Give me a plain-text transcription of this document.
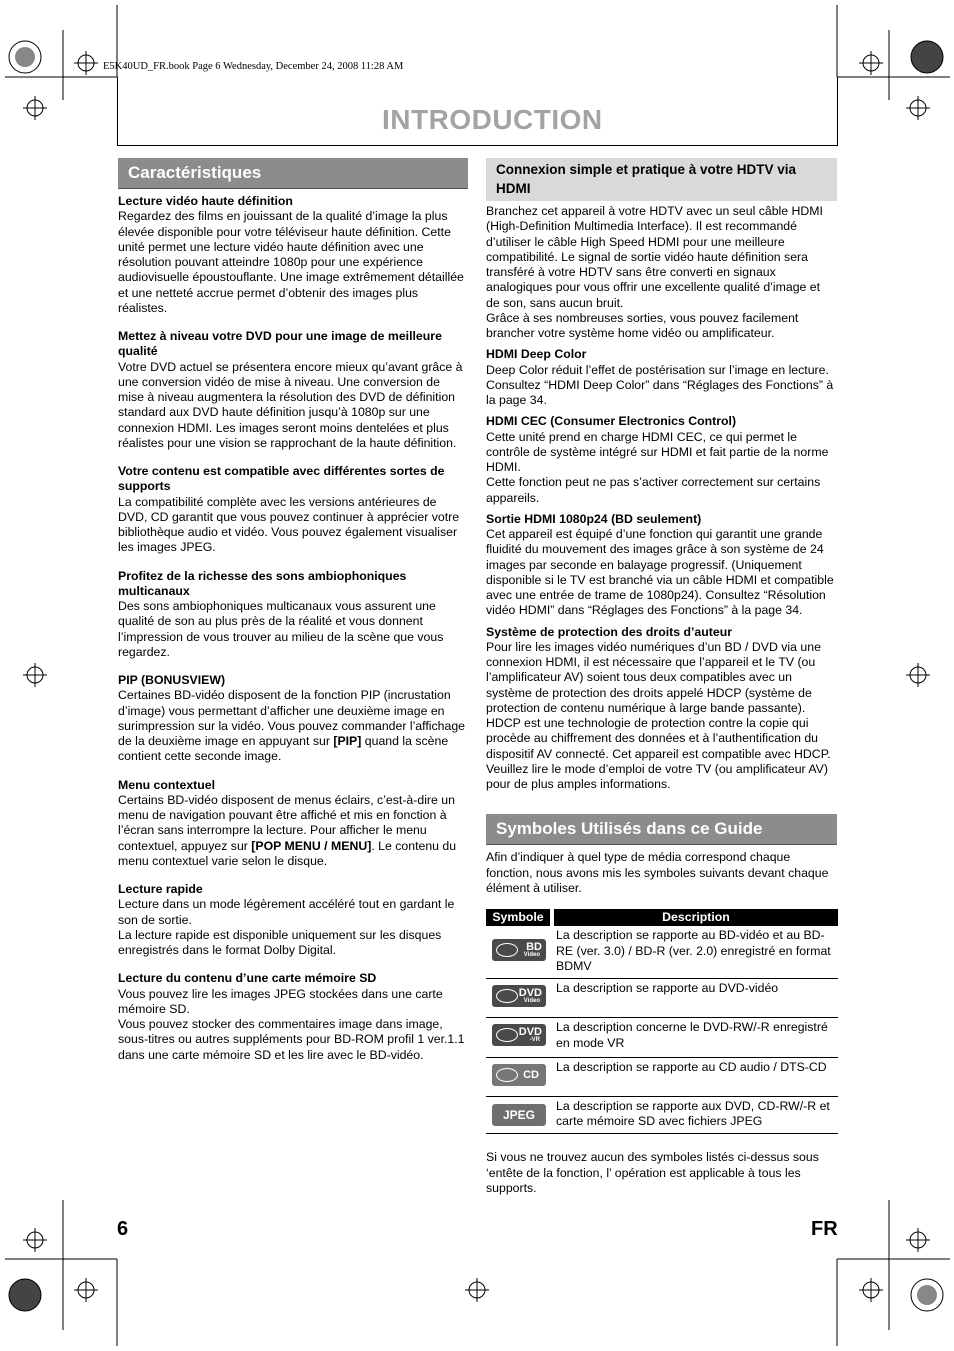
E5K40UD_FR.book Page 6 Wednesday, December 24, 2008 11:28 AM
INTRODUCTION
Caractéristiques
Lecture vidéo haute définition

Regardez des films en jouissant de la qualité d’image la plus élevée disponible pour votre téléviseur haute définition. Cette unité permet une lecture vidéo haute définition avec une résolution pouvant atteindre 1080p pour une expérience audiovisuelle époustouflante. Une image extrêmement détaillée et une netteté accrue permet d’obtenir des images plus réalistes.

Mettez à niveau votre DVD pour une image de meilleure qualité

Votre DVD actuel se présentera encore mieux qu’avant grâce à une conversion vidéo de mise à niveau. Une conversion de mise à niveau augmentera la résolution des DVD de définition standard aux DVD haute définition jusqu’à 1080p sur une connexion HDMI. Les images seront moins dentelées et plus réalistes pour une vision se rapprochant de la haute définition.

Votre contenu est compatible avec différentes sortes de supports

La compatibilité complète avec les versions antérieures de DVD, CD garantit que vous pouvez continuer à apprécier votre bibliothèque audio et vidéo. Vous pouvez également visualiser les images JPEG.

Profitez de la richesse des sons ambiophoniques multicanaux

Des sons ambiophoniques multicanaux vous assurent une qualité de son au plus près de la réalité et vous donnent l’impression de vous trouver au milieu de la scène que vous regardez.

PIP (BONUSVIEW)

Certaines BD-vidéo disposent de la fonction PIP (incrustation d’image) vous permettant d’afficher une deuxième image en surimpression sur la vidéo. Vous pouvez commander l’affichage de la deuxième image en appuyant sur [PIP] quand la scène contient cette seconde image.

Menu contextuel

Certains BD-vidéo disposent de menus éclairs, c’est-à-dire un menu de navigation pouvant être affiché et mis en fonction à l’écran sans interrompre la lecture. Pour afficher le menu contextuel, appuyez sur [POP MENU / MENU]. Le contenu du menu contextuel varie selon le disque.

Lecture rapide

Lecture dans un mode légèrement accéléré tout en gardant le son de sortie.

La lecture rapide est disponible uniquement sur les disques enregistrés dans le format Dolby Digital.

Lecture du contenu d’une carte mémoire SD

Vous pouvez lire les images JPEG stockées dans une carte mémoire SD.

Vous pouvez stocker des commentaires image dans image, sous-titres ou autres suppléments pour BD-ROM profil 1 ver.1.1 dans une carte mémoire SD et les lire avec le BD-vidéo.

Connexion simple et pratique à votre HDTV via HDMI

Branchez cet appareil à votre HDTV avec un seul câble HDMI (High-Definition Multimedia Interface). Il est recommandé d’utiliser le câble High Speed HDMI pour une meilleure compatibilité. Le signal de sortie vidéo haute définition sera transféré à votre HDTV sans être converti en signaux analogiques pour vous offrir une excellente qualité d’image et de son, sans aucun bruit.

Grâce à ses nombreuses sorties, vous pouvez facilement brancher votre système home vidéo ou amplificateur.

HDMI Deep Color

Deep Color réduit l’effet de postérisation sur l’image en lecture. Consultez “HDMI Deep Color” dans “Réglages des Fonctions” à la page 34.

HDMI CEC (Consumer Electronics Control)

Cette unité prend en charge HDMI CEC, ce qui permet le contrôle de système intégré sur HDMI et fait partie de la norme HDMI.

Cette fonction peut ne pas s’activer correctement sur certains appareils.

Sortie HDMI 1080p24 (BD seulement)

Cet appareil est équipé d’une fonction qui garantit une grande fluidité du mouvement des images grâce à son système de 24 images par seconde en balayage progressif. (Uniquement disponible si le TV est branché via un câble HDMI et compatible avec une entrée de trame de 1080p24). Consultez “Résolution vidéo HDMI” dans “Réglages des Fonctions” à la page 34.

Système de protection des droits d’auteur

Pour lire les images vidéo numériques d’un BD / DVD via une connexion HDMI, il est nécessaire que l’appareil et le TV (ou l’amplificateur AV) soient tous deux compatibles avec un système de protection des droits appelé HDCP (système de protection de contenu numérique à large bande passante). HDCP est une technologie de protection contre la copie qui procède au chiffrement des données et à l’authentification du dispositif AV connecté. Cet appareil est compatible avec HDCP. Veuillez lire le mode d’emploi de votre TV (ou amplificateur AV) pour de plus amples informations.

Symboles Utilisés dans ce Guide

Afin d’indiquer à quel type de média correspond chaque fonction, nous avons mis les symboles suivants devant chaque élément à utiliser.

Symbole	Description

BD
Video	La description se rapporte au BD-vidéo et au BD-RE (ver. 3.0) / BD-R (ver. 2.0) enregistré en format BDMV

DVD
Video	La description se rapporte au DVD-vidéo

DVD
-VR	La description concerne le DVD-RW/-R enregistré en mode VR

CD	La description se rapporte au CD audio / DTS-CD

JPEG	La description se rapporte aux DVD, CD-RW/-R et carte mémoire SD avec fichiers JPEG

Si vous ne trouvez aucun des symboles listés ci-dessus sous ‘entête de la fonction, l’ opération est applicable à tous les supports.

6	FR
